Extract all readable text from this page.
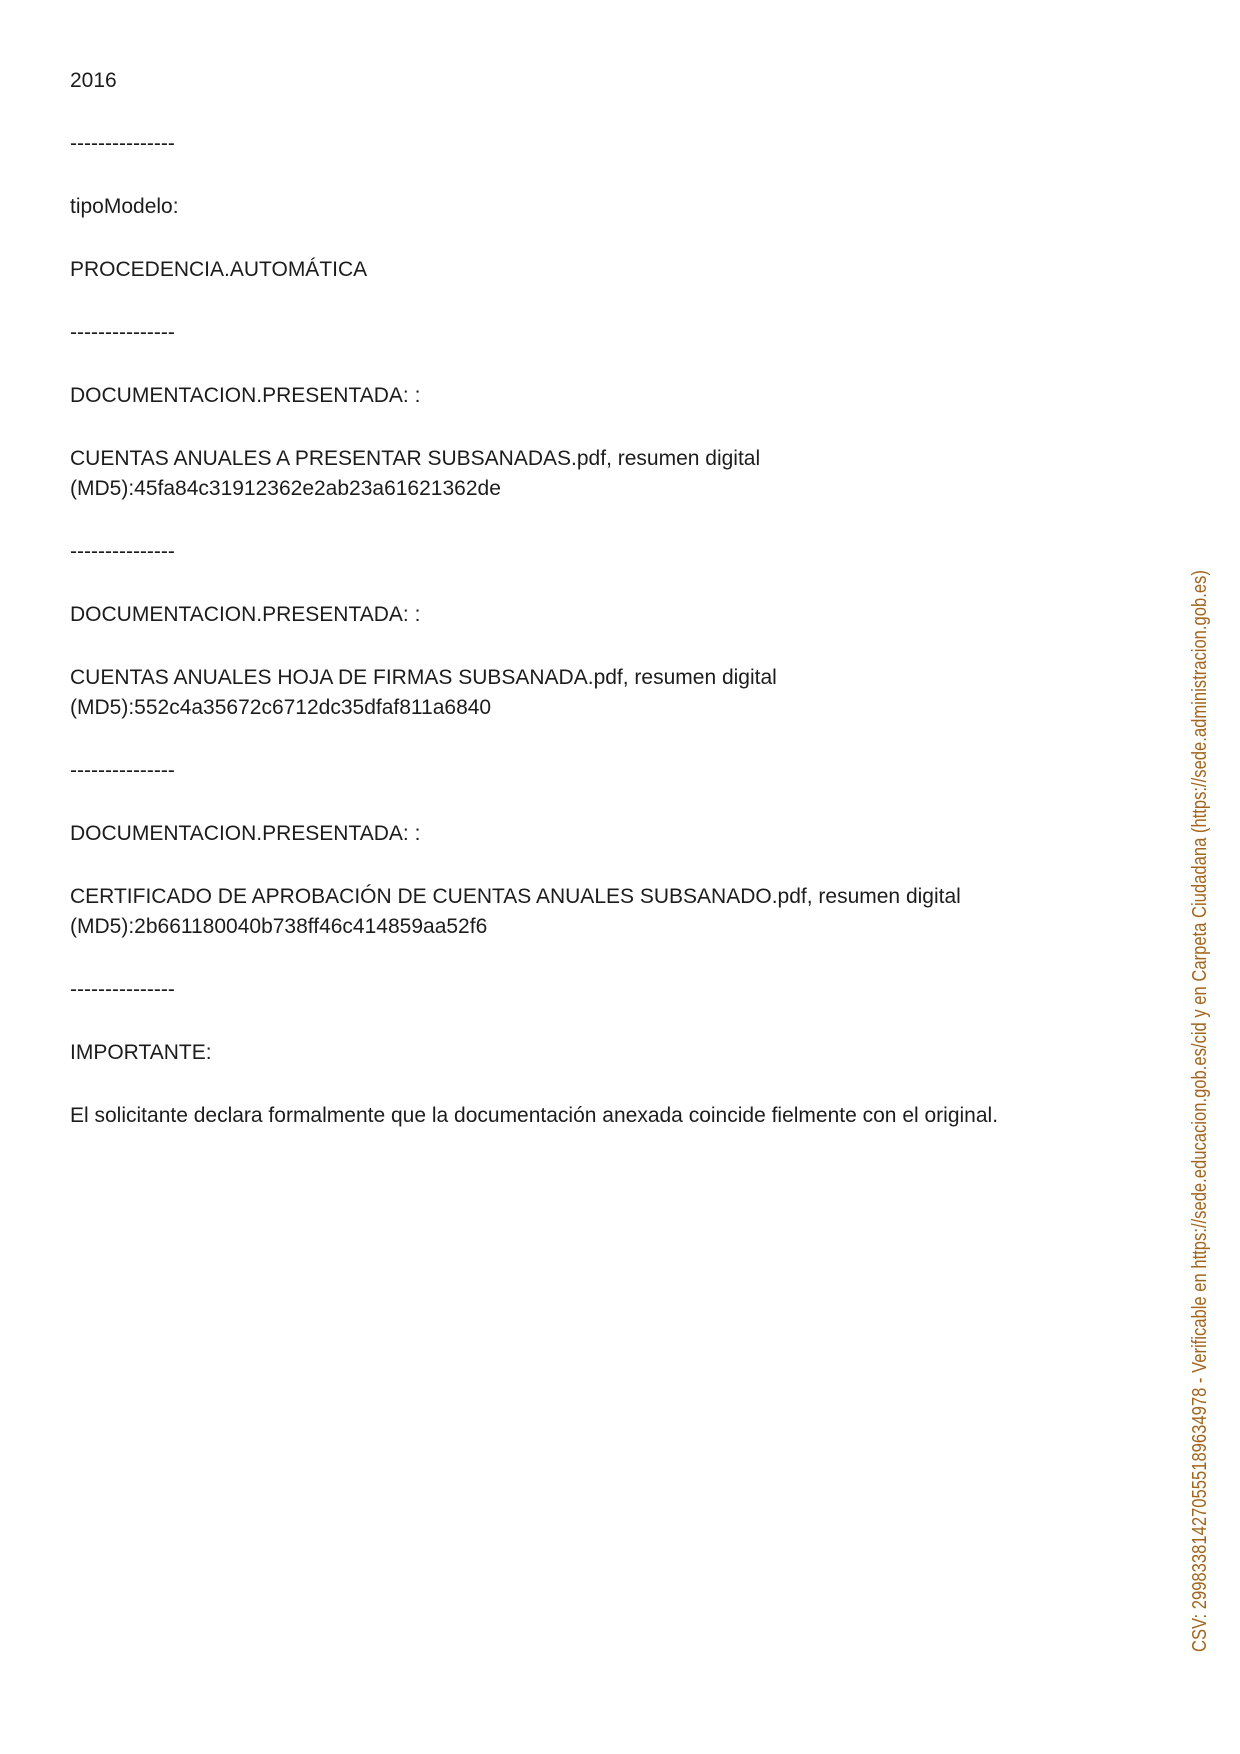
2016

---------------

tipoModelo:

PROCEDENCIA.AUTOMÁTICA

---------------

DOCUMENTACION.PRESENTADA: :

CUENTAS ANUALES A PRESENTAR SUBSANADAS.pdf, resumen digital
(MD5):45fa84c31912362e2ab23a61621362de

---------------

DOCUMENTACION.PRESENTADA: :

CUENTAS ANUALES HOJA DE FIRMAS SUBSANADA.pdf, resumen digital
(MD5):552c4a35672c6712dc35dfaf811a6840

---------------

DOCUMENTACION.PRESENTADA: :

CERTIFICADO DE APROBACIÓN DE CUENTAS ANUALES SUBSANADO.pdf, resumen digital
(MD5):2b661180040b738ff46c414859aa52f6

---------------

IMPORTANTE:

El solicitante declara formalmente que la documentación anexada coincide fielmente con el original.	CSV: 299833814270555189634978 - Verificable en https://sede.educacion.gob.es/cid y en Carpeta Ciudadana (https://sede.administracion.gob.es)
